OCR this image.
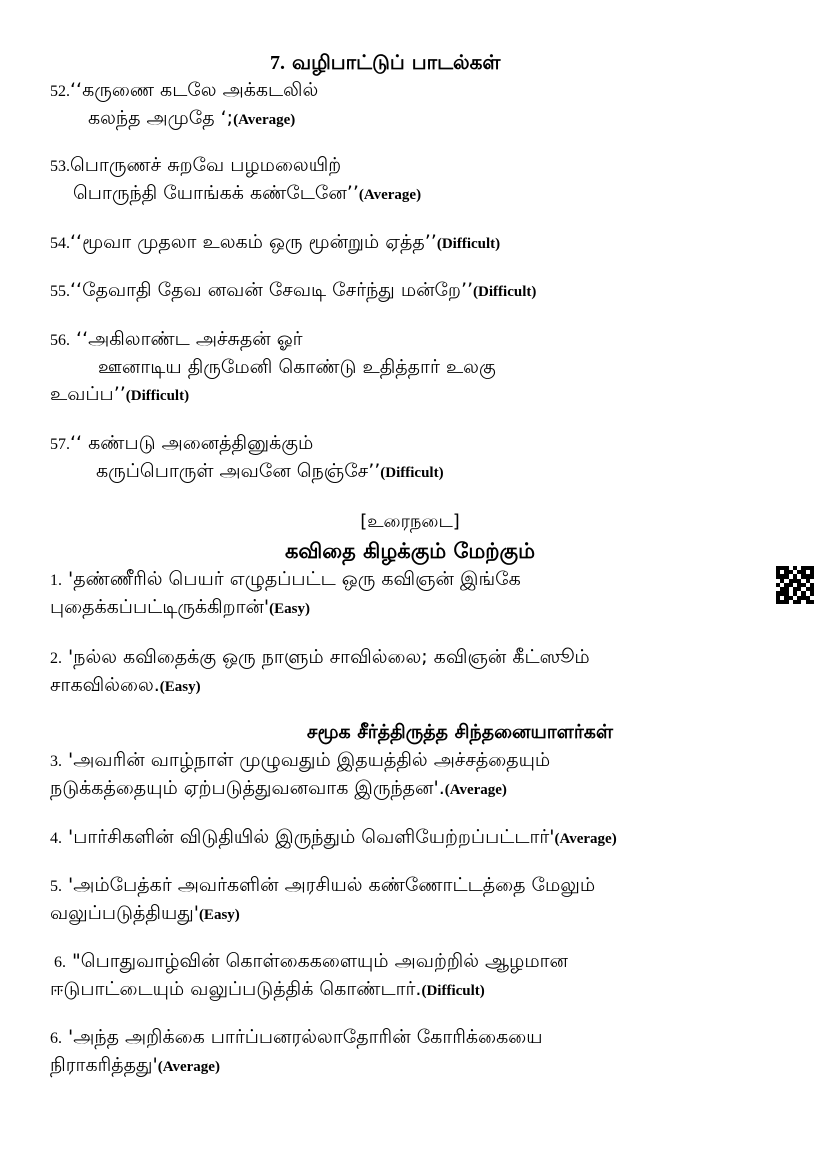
7. வழிபாட்டுப் பாடல்கள்
52.‘‘கருணை கடலே அக்கடலில்
கலந்த அமுதே ‘;(Average)
53.பொருணச் சுறவே பழமலையிற்
பொருந்தி யோங்கக் கண்டேனே’’(Average)
54.‘‘மூவா முதலா உலகம் ஒரு மூன்றும் ஏத்த’’(Difficult)
55.‘‘தேவாதி தேவ னவன் சேவடி சேர்ந்து மன்றே’’(Difficult)
56. ‘‘அகிலாண்ட அச்சுதன் ஓர்
ஊனாடிய திருமேனி கொண்டு உதித்தார் உலகு
உவப்ப’’(Difficult)
57.‘‘ கண்படு அனைத்தினுக்கும்
கருப்பொருள் அவனே நெஞ்சே’’(Difficult)
[உரைநடை]
கவிதை கிழக்கும் மேற்கும்
1. 'தண்ணீரில் பெயர் எழுதப்பட்ட ஒரு கவிஞன் இங்கே
புதைக்கப்பட்டிருக்கிறான்'(Easy)
2. 'நல்ல கவிதைக்கு ஒரு நாளும் சாவில்லை; கவிஞன் கீட்ஸூம்
சாகவில்லை.(Easy)
சமூக சீர்த்திருத்த சிந்தனையாளர்கள்
3. 'அவரின் வாழ்நாள் முழுவதும் இதயத்தில் அச்சத்தையும்
நடுக்கத்தையும் ஏற்படுத்துவனவாக இருந்தன'.(Average)
4. 'பார்சிகளின் விடுதியில் இருந்தும் வெளியேற்றப்பட்டார்'(Average)
5. 'அம்பேத்கர் அவர்களின் அரசியல் கண்ணோட்டத்தை மேலும்
வலுப்படுத்தியது'(Easy)
6. "பொதுவாழ்வின் கொள்கைகளையும் அவற்றில் ஆழமான
ஈடுபாட்டையும் வலுப்படுத்திக் கொண்டார்.(Difficult)
6. 'அந்த அறிக்கை பார்ப்பனரல்லாதோரின் கோரிக்கையை
நிராகரித்தது'(Average)
